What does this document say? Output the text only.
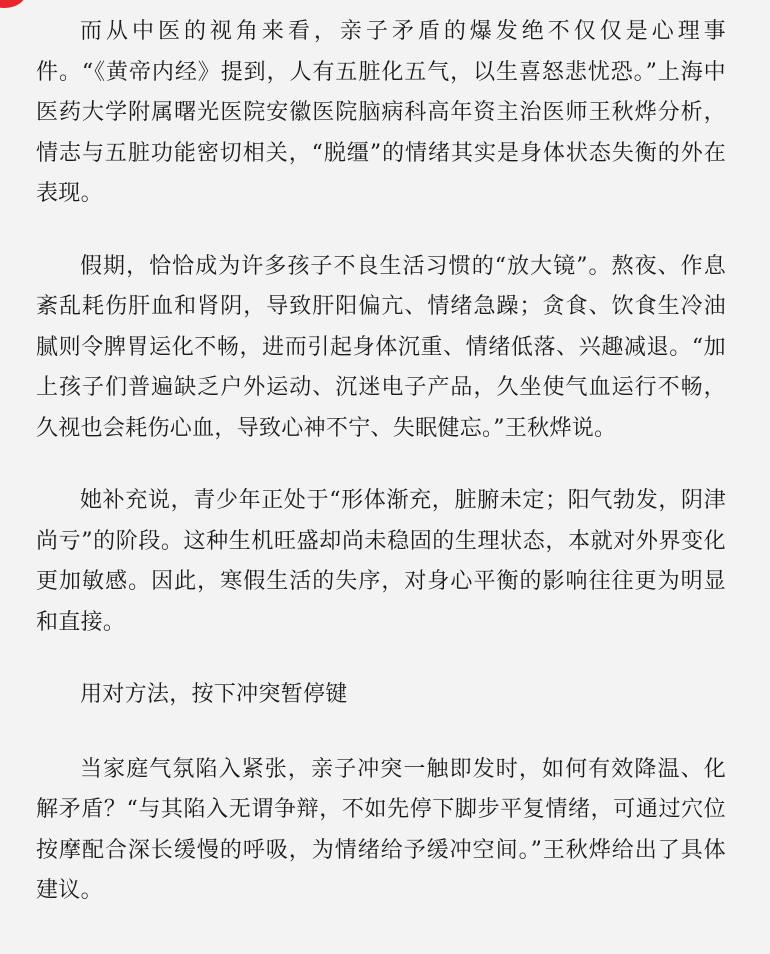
而从中医的视角来看，亲子矛盾的爆发绝不仅仅是心理事件。“《黄帝内经》提到，人有五脏化五气，以生喜怒悲忧恐。”上海中医药大学附属曙光医院安徽医院脑病科高年资主治医师王秋烨分析，情志与五脏功能密切相关，“脱缰”的情绪其实是身体状态失衡的外在表现。

假期，恰恰成为许多孩子不良生活习惯的“放大镜”。熬夜、作息紊乱耗伤肝血和肾阴，导致肝阳偏亢、情绪急躁；贪食、饮食生冷油腻则令脾胃运化不畅，进而引起身体沉重、情绪低落、兴趣减退。“加上孩子们普遍缺乏户外运动、沉迷电子产品，久坐使气血运行不畅，久视也会耗伤心血，导致心神不宁、失眠健忘。”王秋烨说。

她补充说，青少年正处于“形体渐充，脏腑未定；阳气勃发，阴津尚亏”的阶段。这种生机旺盛却尚未稳固的生理状态，本就对外界变化更加敏感。因此，寒假生活的失序，对身心平衡的影响往往更为明显和直接。

用对方法，按下冲突暂停键

当家庭气氛陷入紧张，亲子冲突一触即发时，如何有效降温、化解矛盾？“与其陷入无谓争辩，不如先停下脚步平复情绪，可通过穴位按摩配合深长缓慢的呼吸，为情绪给予缓冲空间。”王秋烨给出了具体建议。
